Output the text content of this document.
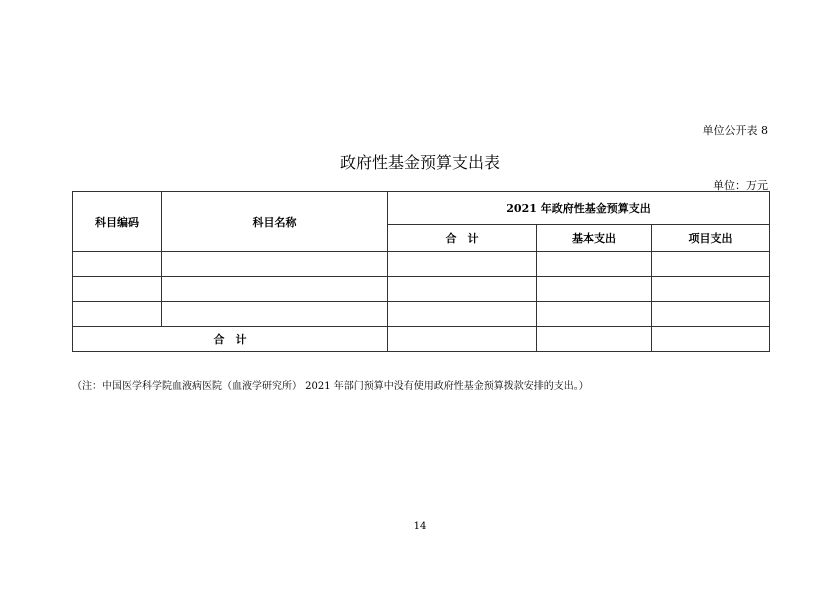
单位公开表 8
政府性基金预算支出表
单位：万元
科目编码	科目名称	2021 年政府性基金预算支出		
		合　计	基本支出	项目支出

合　计				
（注：中国医学科学院血液病医院（血液学研究所） 2021 年部门预算中没有使用政府性基金预算拨款安排的支出。）
14
